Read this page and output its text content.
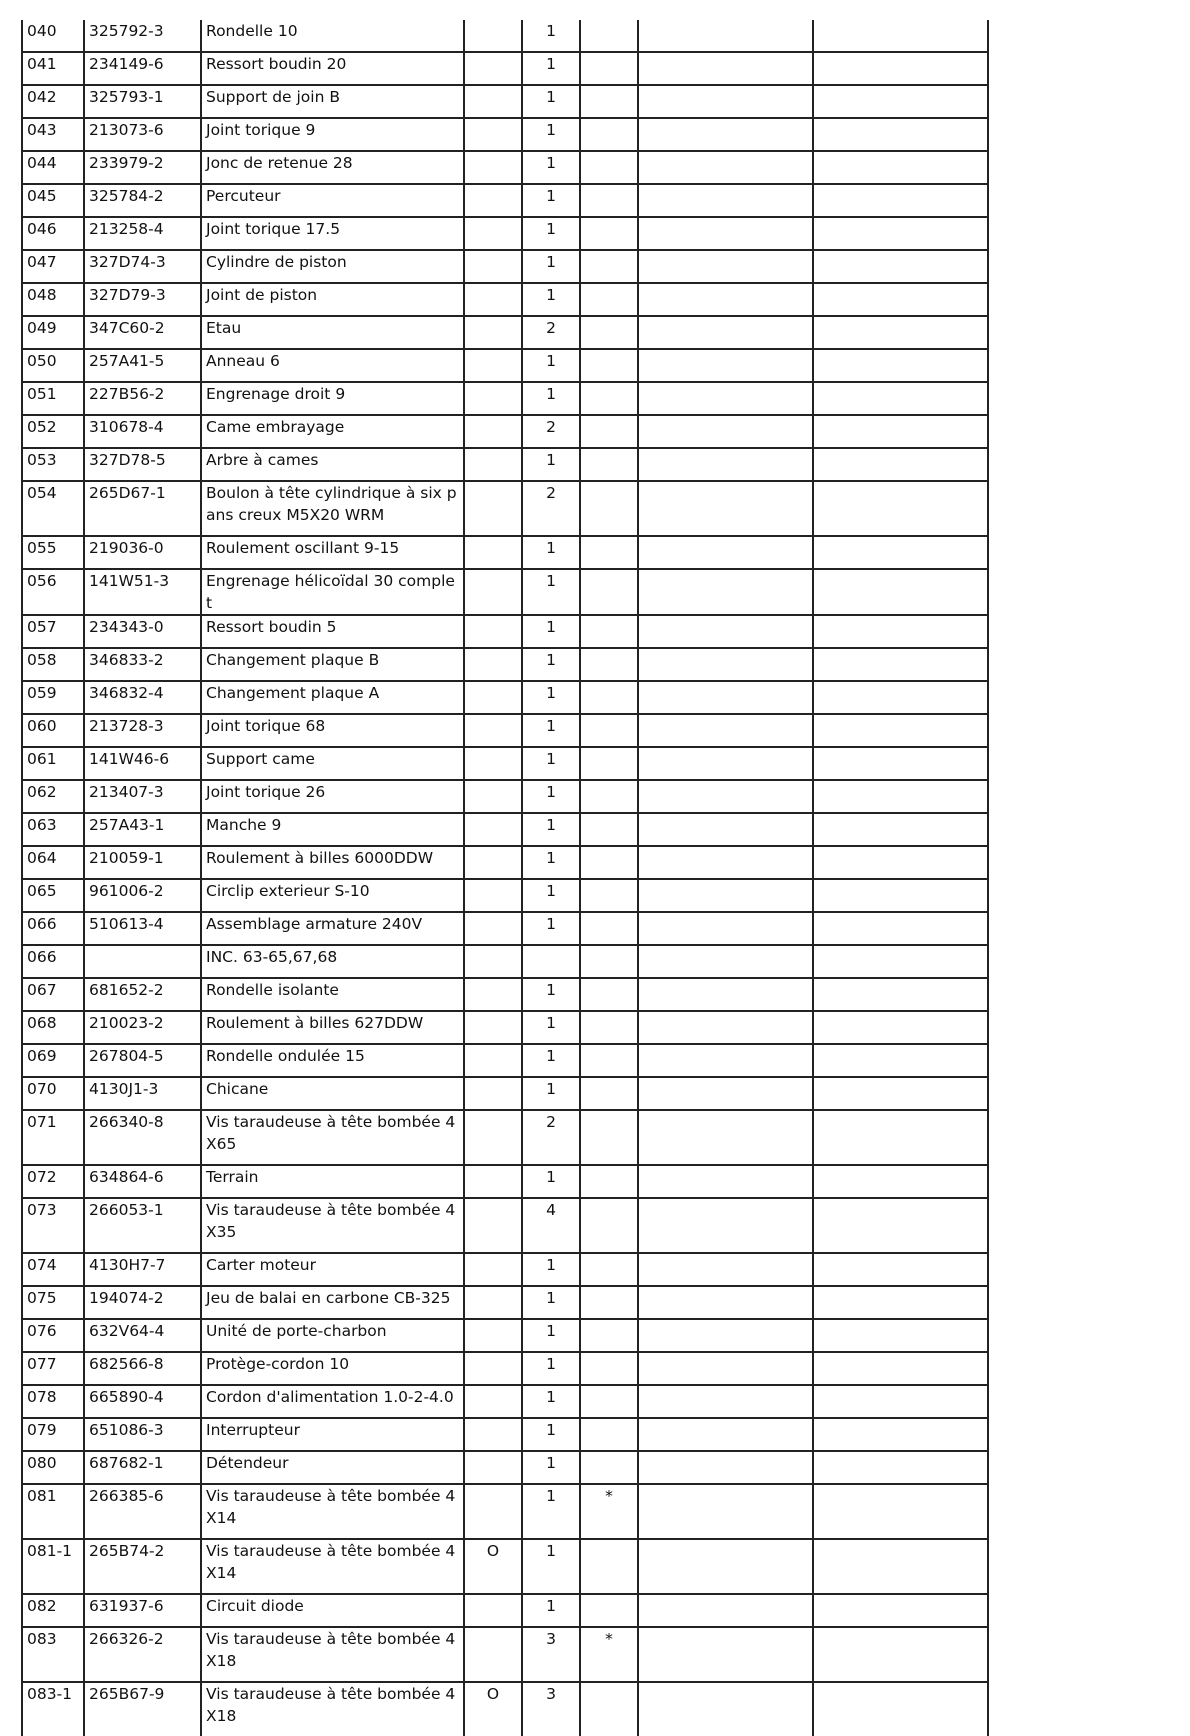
040	325792-3	Rondelle 10		1			
041	234149-6	Ressort boudin 20		1			
042	325793-1	Support de join B		1			
043	213073-6	Joint torique 9		1			
044	233979-2	Jonc de retenue 28		1			
045	325784-2	Percuteur		1			
046	213258-4	Joint torique 17.5		1			
047	327D74-3	Cylindre de piston		1			
048	327D79-3	Joint de piston		1			
049	347C60-2	Etau		2			
050	257A41-5	Anneau 6		1			
051	227B56-2	Engrenage droit 9		1			
052	310678-4	Came embrayage		2			
053	327D78-5	Arbre à cames		1			
054	265D67-1	Boulon à tête cylindrique à six pans creux M5X20 WRM		2			
055	219036-0	Roulement oscillant 9-15		1			
056	141W51-3	Engrenage hélicoïdal 30 complet		1			
057	234343-0	Ressort boudin 5		1			
058	346833-2	Changement plaque B		1			
059	346832-4	Changement plaque A		1			
060	213728-3	Joint torique 68		1			
061	141W46-6	Support came		1			
062	213407-3	Joint torique 26		1			
063	257A43-1	Manche 9		1			
064	210059-1	Roulement à billes 6000DDW		1			
065	961006-2	Circlip exterieur S-10		1			
066	510613-4	Assemblage armature 240V		1			
066		INC. 63-65,67,68					
067	681652-2	Rondelle isolante		1			
068	210023-2	Roulement à billes 627DDW		1			
069	267804-5	Rondelle ondulée 15		1			
070	4130J1-3	Chicane		1			
071	266340-8	Vis taraudeuse à tête bombée 4X65		2			
072	634864-6	Terrain		1			
073	266053-1	Vis taraudeuse à tête bombée 4X35		4			
074	4130H7-7	Carter moteur		1			
075	194074-2	Jeu de balai en carbone CB-325		1			
076	632V64-4	Unité de porte-charbon		1			
077	682566-8	Protège-cordon 10		1			
078	665890-4	Cordon d'alimentation 1.0-2-4.0		1			
079	651086-3	Interrupteur		1			
080	687682-1	Détendeur		1			
081	266385-6	Vis taraudeuse à tête bombée 4X14		1	*		
081-1	265B74-2	Vis taraudeuse à tête bombée 4X14	O	1			
082	631937-6	Circuit diode		1			
083	266326-2	Vis taraudeuse à tête bombée 4X18		3	*		
083-1	265B67-9	Vis taraudeuse à tête bombée 4X18	O	3			
